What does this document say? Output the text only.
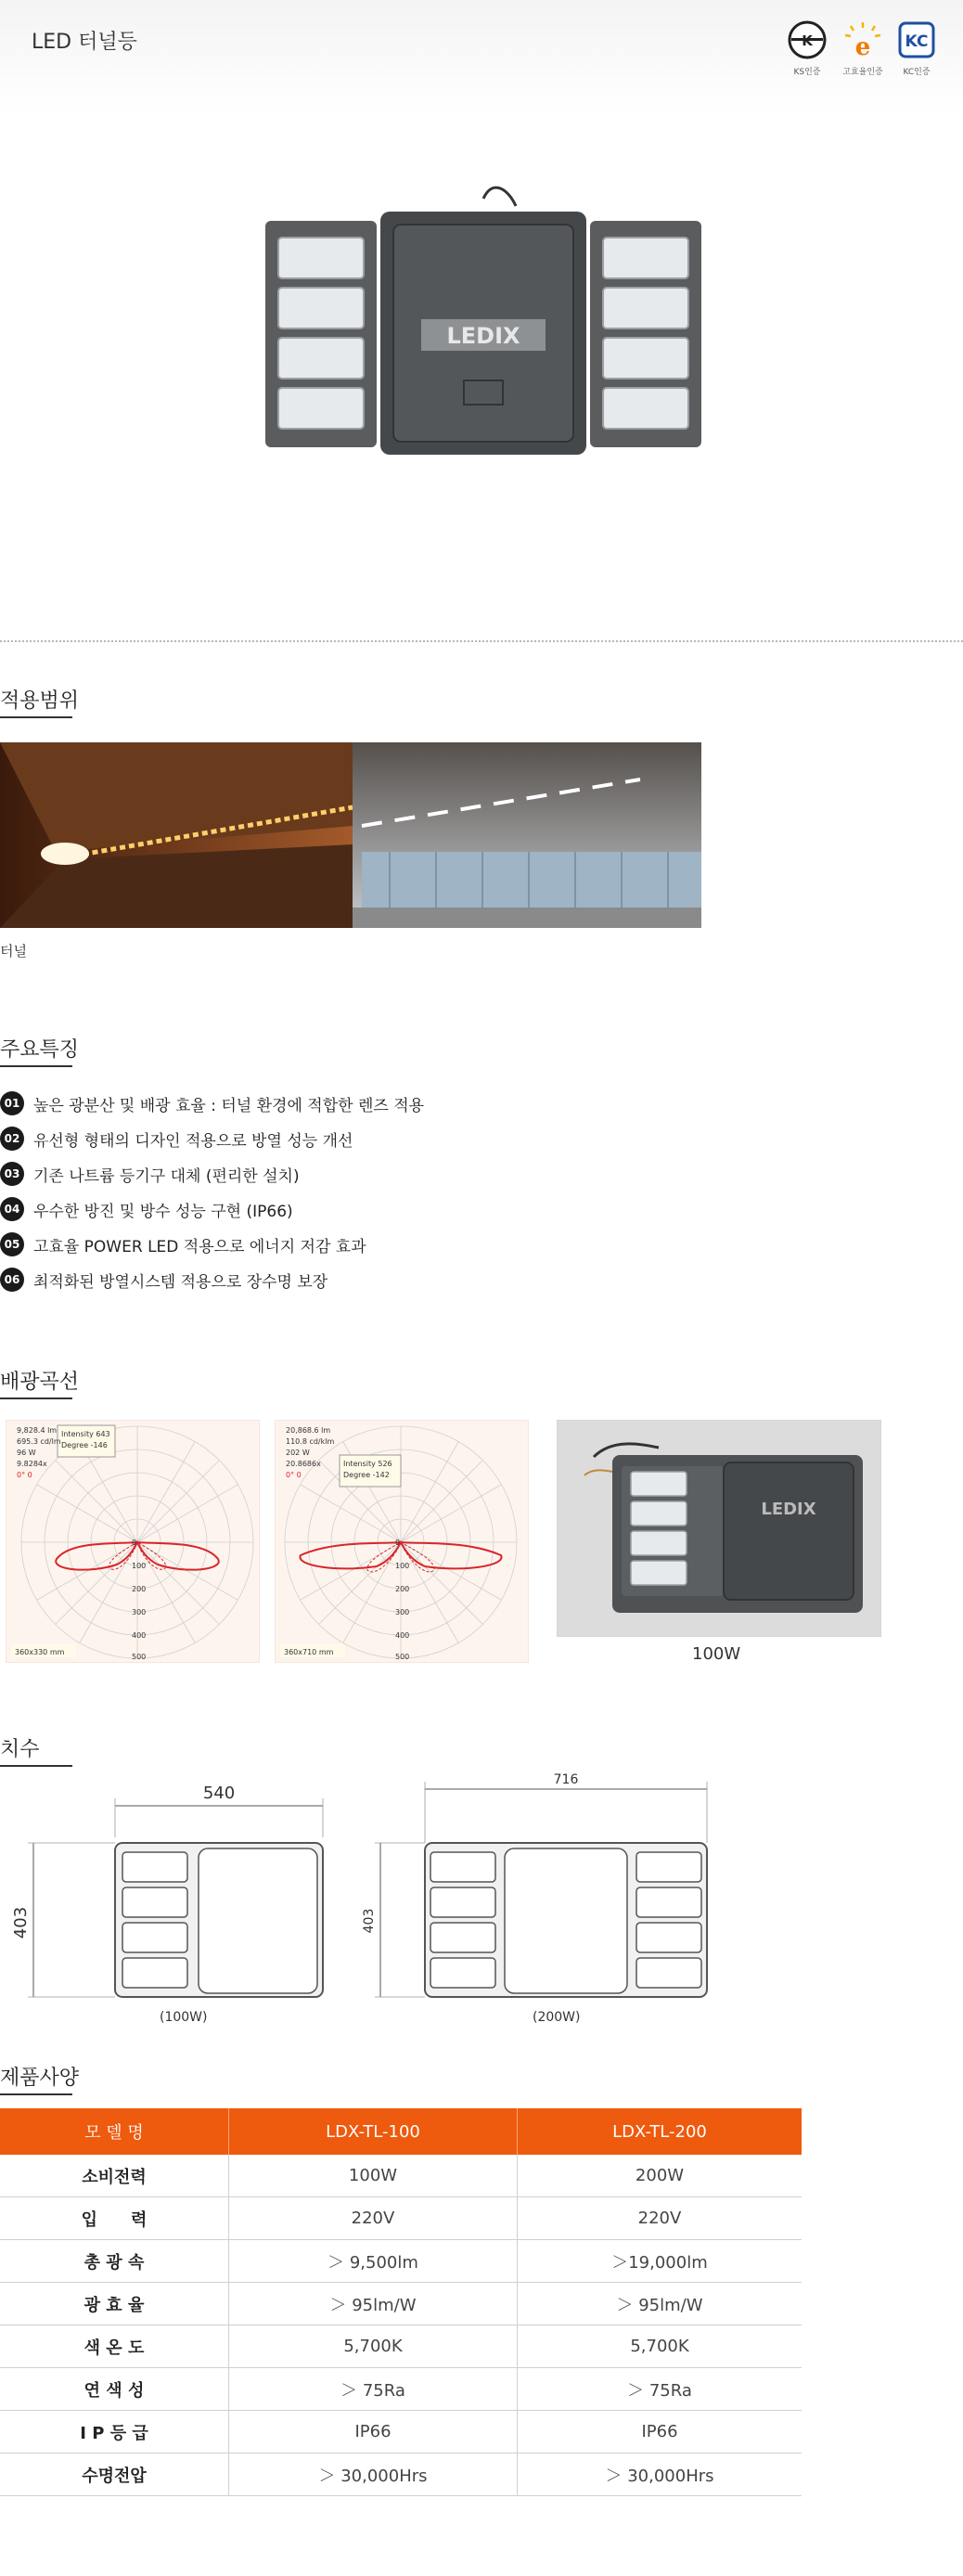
LED 터널등
KS인증
e
고효율인증
KC
KC인증
LEDIX
적용범위
터널
주요특징
01 높은 광분산 및 배광 효율 : 터널 환경에 적합한 렌즈 적용
02 유선형 형태의 디자인 적용으로 방열 성능 개선
03 기존 나트륨 등기구 대체 (편리한 설치)
04 우수한 방진 및 방수 성능 구현 (IP66)
05 고효율 POWER LED 적용으로 에너지 저감 효과
06 최적화된 방열시스템 적용으로 장수명 보장
배광곡선
Intensity 643
Degree -146
9,828.4 lm
695.3 cd/lm
96 W
9.8284x
0° 0
0
100
200
300
400
500
360x330 mm
Intensity 526
Degree -142
20,868.6 lm
110.8 cd/klm
202 W
20.8686x
0° 0
0
100
200
300
400
500
360x710 mm
LEDIX
100W
치수
540
403
(100W)
716
403
(200W)
제품사양
모 델 명	LDX-TL-100	LDX-TL-200
소비전력	100W	200W
입　　력	220V	220V
총 광 속	＞ 9,500lm	＞19,000lm
광 효 율	＞ 95lm/W	＞ 95lm/W
색 온 도	5,700K	5,700K
연 색 성	＞ 75Ra	＞ 75Ra
I P 등 급	IP66	IP66
수명전압	＞ 30,000Hrs	＞ 30,000Hrs
